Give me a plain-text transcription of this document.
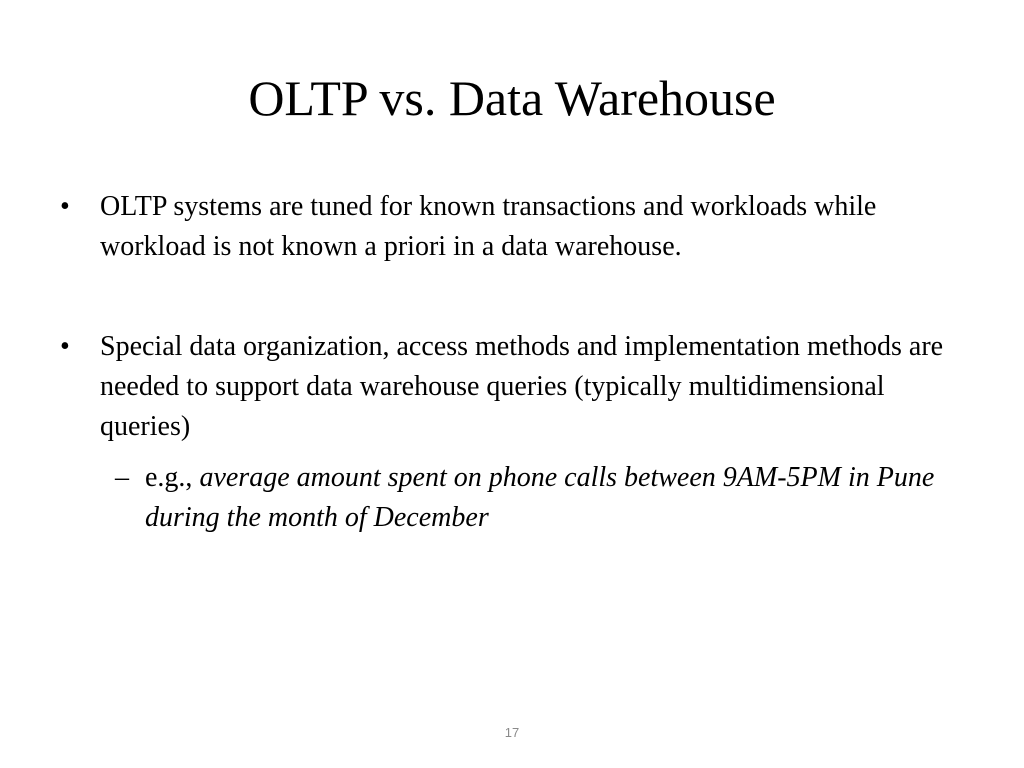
OLTP vs. Data Warehouse
• OLTP systems are tuned for known transactions and workloads while workload is not known a priori in a data warehouse.
• Special data organization, access methods and implementation methods are needed to support data warehouse queries (typically multidimensional queries)
– e.g., average amount spent on phone calls between 9AM-5PM in Pune during the month of December
17
